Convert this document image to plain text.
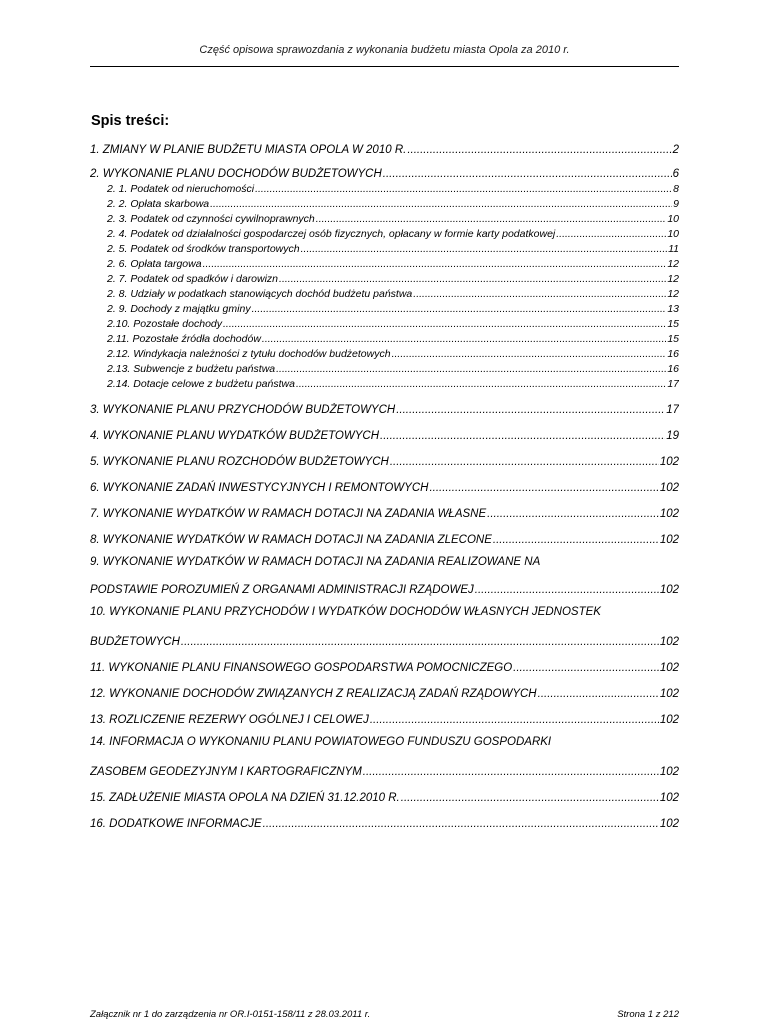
Część opisowa sprawozdania z wykonania budżetu miasta Opola za 2010 r.
Spis treści:
1. ZMIANY W PLANIE BUDŻETU MIASTA OPOLA W 2010 R. .....	2
2. WYKONANIE PLANU DOCHODÓW BUDŻETOWYCH .....	6
2. 1. Podatek od nieruchomości .....	8
2. 2. Opłata skarbowa .....	9
2. 3. Podatek od czynności cywilnoprawnych .....	10
2. 4. Podatek od działalności gospodarczej osób fizycznych, opłacany w formie karty podatkowej .....	10
2. 5. Podatek od środków transportowych .....	11
2. 6. Opłata targowa .....	12
2. 7. Podatek od spadków i darowizn .....	12
2. 8. Udziały w podatkach stanowiących dochód budżetu państwa .....	12
2. 9. Dochody z majątku gminy .....	13
2.10. Pozostałe dochody .....	15
2.11. Pozostałe źródła dochodów .....	15
2.12. Windykacja należności z tytułu dochodów budżetowych .....	16
2.13. Subwencje z budżetu państwa .....	16
2.14. Dotacje celowe z budżetu państwa .....	17
3. WYKONANIE PLANU PRZYCHODÓW BUDŻETOWYCH .....	17
4. WYKONANIE PLANU WYDATKÓW BUDŻETOWYCH .....	19
5. WYKONANIE PLANU ROZCHODÓW BUDŻETOWYCH .....	102
6. WYKONANIE ZADAŃ INWESTYCYJNYCH I REMONTOWYCH .....	102
7. WYKONANIE WYDATKÓW W RAMACH DOTACJI NA ZADANIA WŁASNE .....	102
8. WYKONANIE WYDATKÓW W RAMACH DOTACJI NA ZADANIA ZLECONE .....	102
9. WYKONANIE WYDATKÓW W RAMACH DOTACJI NA ZADANIA REALIZOWANE NA
PODSTAWIE POROZUMIEŃ Z ORGANAMI ADMINISTRACJI RZĄDOWEJ .....	102
10. WYKONANIE PLANU PRZYCHODÓW I WYDATKÓW DOCHODÓW WŁASNYCH JEDNOSTEK
BUDŻETOWYCH .....	102
11. WYKONANIE PLANU FINANSOWEGO GOSPODARSTWA POMOCNICZEGO .....	102
12. WYKONANIE DOCHODÓW ZWIĄZANYCH Z REALIZACJĄ ZADAŃ RZĄDOWYCH .....	102
13. ROZLICZENIE REZERWY OGÓLNEJ I CELOWEJ .....	102
14. INFORMACJA O WYKONANIU PLANU POWIATOWEGO FUNDUSZU GOSPODARKI
ZASOBEM GEODEZYJNYM I KARTOGRAFICZNYM .....	102
15. ZADŁUŻENIE MIASTA OPOLA NA DZIEŃ 31.12.2010 R. .....	102
16. DODATKOWE INFORMACJE .....	102
Załącznik nr 1 do zarządzenia nr OR.I-0151-158/11 z 28.03.2011 r.	Strona 1 z 212
